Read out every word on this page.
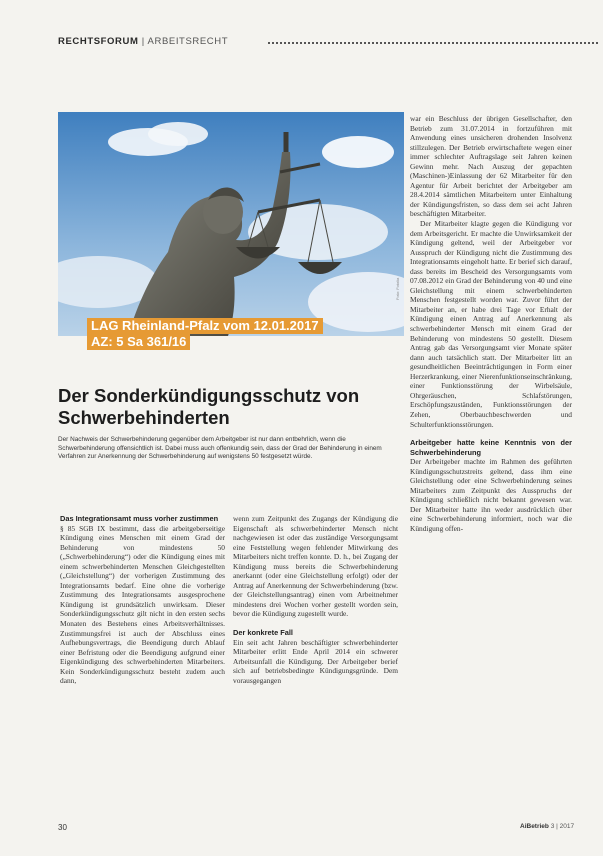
RECHTSFORUM | ARBEITSRECHT
Foto: Fotolia
LAG Rheinland-Pfalz vom 12.01.2017
AZ: 5 Sa 361/16
Der Sonderkündigungsschutz von
Schwerbehinderten
Der Nachweis der Schwerbehinderung gegenüber dem Arbeitgeber ist nur dann entbehrlich, wenn die Schwerbehinderung offensichtlich ist. Dabei muss auch offenkundig sein, dass der Grad der Behinderung in einem Verfahren zur Anerkennung der Schwerbehinderung auf wenigstens 50 festgesetzt würde.
Das Integrationsamt muss vorher zustimmen

§ 85 SGB IX bestimmt, dass die arbeitgeberseitige Kündigung eines Menschen mit einem Grad der Behinderung von mindestens 50 („Schwerbehinderung“) oder die Kündigung eines mit einem schwerbehinderten Menschen Gleichgestellten („Gleichstellung“) der vorherigen Zustimmung des Integrationsamts bedarf. Eine ohne die vorherige Zustimmung des Integrationsamts ausgesprochene Kündigung ist grundsätzlich unwirksam. Dieser Sonderkündigungsschutz gilt nicht in den ersten sechs Monaten des Bestehens eines Arbeitsverhältnisses. Zustimmungsfrei ist auch der Abschluss eines Aufhebungsvertrags, die Beendigung durch Ablauf einer Befristung oder die Beendigung aufgrund einer Eigenkündigung des schwerbehinderten Mitarbeiters. Kein Sonderkündigungsschutz besteht zudem auch dann,

wenn zum Zeitpunkt des Zugangs der Kündigung die Eigenschaft als schwerbehinderter Mensch nicht nachgewiesen ist oder das zuständige Versorgungsamt eine Feststellung wegen fehlender Mitwirkung des Mitarbeiters nicht treffen konnte. D. h., bei Zugang der Kündigung muss bereits die Schwerbehinderung anerkannt (oder eine Gleichstellung erfolgt) oder der Antrag auf Anerkennung der Schwerbehinderung (bzw. der Gleichstellungsantrag) einen vom Arbeitnehmer mindestens drei Wochen vorher gestellt worden sein, bevor die Kündigung zugestellt wurde.

Der konkrete Fall

Ein seit acht Jahren beschäftigter schwerbehinderter Mitarbeiter erlitt Ende April 2014 ein schwerer Arbeitsunfall die Kündigung. Der Arbeitgeber berief sich auf betriebsbedingte Kündigungsgründe. Dem vorausgegangen

war ein Beschluss der übrigen Gesellschafter, den Betrieb zum 31.07.2014 in fortzuführen mit Anwendung eines unsicheren drohenden Insolvenz stillzulegen. Der Betrieb erwirtschaftete wegen einer immer schlechter Auftragslage seit Jahren keinen Gewinn mehr. Nach Auszug der gepachten (Maschinen-)Einlassung der 62 Mitarbeiter für den Agentur für Arbeit berichtet der Arbeitgeber am 28.4.2014 sämtlichen Mitarbeitern unter Einhaltung der Kündigungsfristen, so dass dem sei acht Jahren beschäftigten Mitarbeiter.

Der Mitarbeiter klagte gegen die Kündigung vor dem Arbeitsgericht. Er machte die Unwirksamkeit der Kündigung geltend, weil der Arbeitgeber vor Ausspruch der Kündigung nicht die Zustimmung des Integrationsamts eingeholt hatte. Er berief sich darauf, dass bereits im Bescheid des Versorgungsamts vom 07.08.2012 ein Grad der Behinderung von 40 und eine Gleichstellung mit einem schwerbehinderten Menschen festgestellt worden war. Zuvor führt der Mitarbeiter an, er habe drei Tage vor Erhalt der Kündigung einen Antrag auf Anerkennung als schwerbehinderter Mensch mit einem Grad der Behinderung von mindestens 50 gestellt. Diesem Antrag gab das Versorgungsamt vier Monate später dann auch tatsächlich statt. Der Mitarbeiter litt an gesundheitlichen Beeinträchtigungen in Form einer Herzerkrankung, einer Nierenfunktionseinschränkung, einer Funktionsstörung der Wirbelsäule, Ohrgeräuschen, Schlafstörungen, Erschöpfungszuständen, Funktionsstörungen der Zehen, Oberbauchbeschwerden und Schulterfunktionsstörungen.

Arbeitgeber hatte keine Kenntnis von der Schwerbehinderung

Der Arbeitgeber machte im Rahmen des geführten Kündigungsschutzstreits geltend, dass ihm eine Gleichstellung oder eine Schwerbehinderung seines Mitarbeiters zum Zeitpunkt des Ausspruchs der Kündigung schließlich nicht bekannt gewesen war. Der Mitarbeiter hatte ihn weder ausdrücklich über eine Schwerbehinderung informiert, noch war die Kündigung offen-

30	AiBetrieb 3 | 2017
